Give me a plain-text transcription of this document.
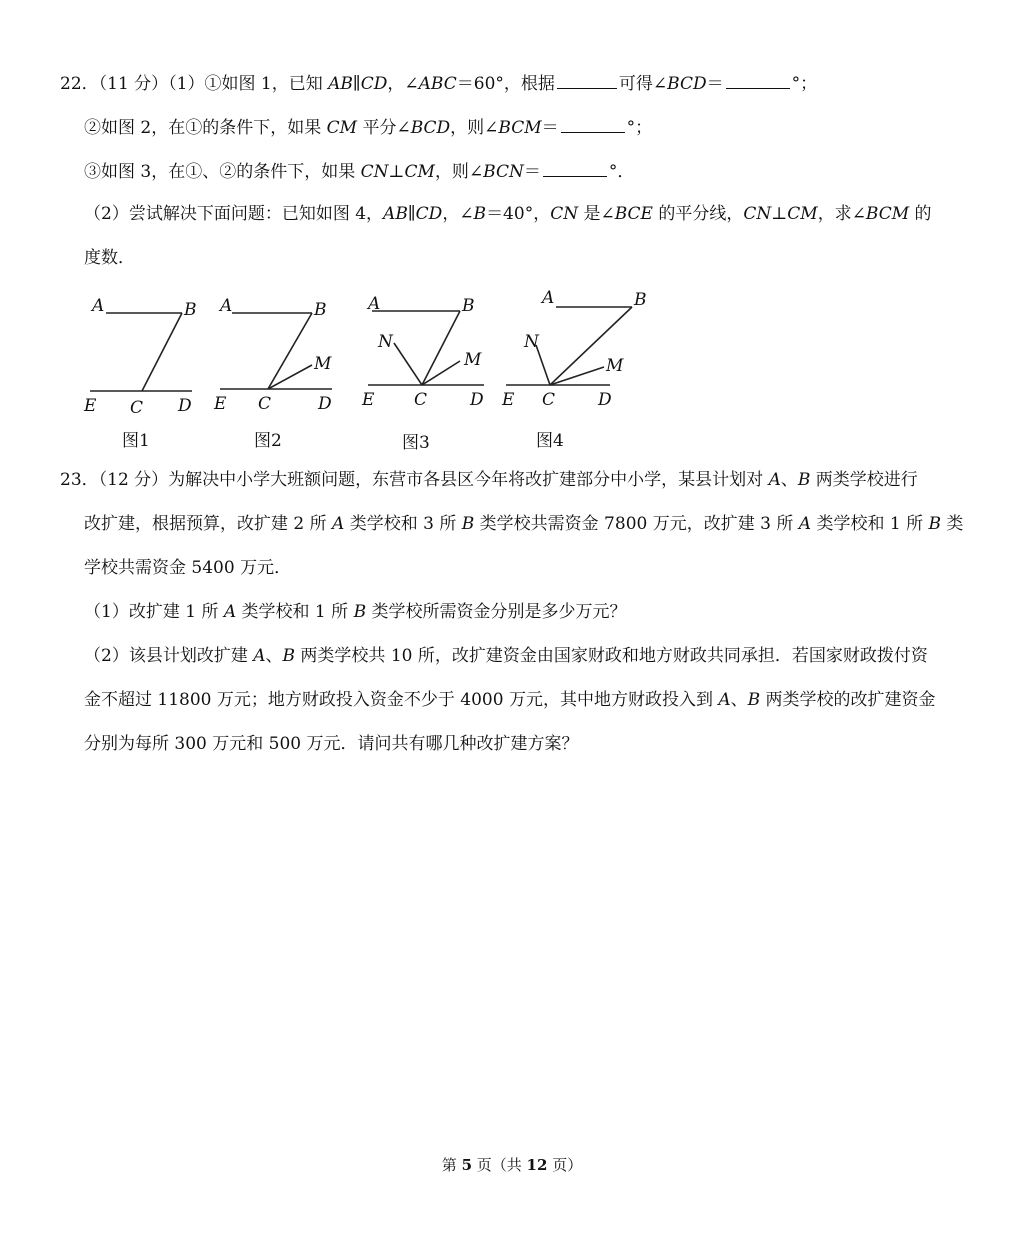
22．（11 分）（1）①如图 1，已知 AB∥CD，∠ABC＝60°，根据	可得∠BCD＝	°；
②如图 2，在①的条件下，如果 CM 平分∠BCD，则∠BCM＝	°；
③如图 3，在①、②的条件下，如果 CN⊥CM，则∠BCN＝	°．
（2）尝试解决下面问题：已知如图 4，AB∥CD，∠B＝40°，CN 是∠BCE 的平分线，CN⊥CM，求∠BCM 的
度数．
A	B
E C D
A	B
M
E C	D
A	B
N
M
E C	D
A	B
N
M
E C	D
图1	图2	图3	图4
23．（12 分）为解决中小学大班额问题，东营市各县区今年将改扩建部分中小学，某县计划对 A、B 两类学校进行
改扩建，根据预算，改扩建 2 所 A 类学校和 3 所 B 类学校共需资金 7800 万元，改扩建 3 所 A 类学校和 1 所 B 类
学校共需资金 5400 万元．
（1）改扩建 1 所 A 类学校和 1 所 B 类学校所需资金分别是多少万元？
（2）该县计划改扩建 A、B 两类学校共 10 所，改扩建资金由国家财政和地方财政共同承担．若国家财政拨付资
金不超过 11800 万元；地方财政投入资金不少于 4000 万元，其中地方财政投入到 A、B 两类学校的改扩建资金
分别为每所 300 万元和 500 万元．请问共有哪几种改扩建方案？
第 5 页（共 12 页）
